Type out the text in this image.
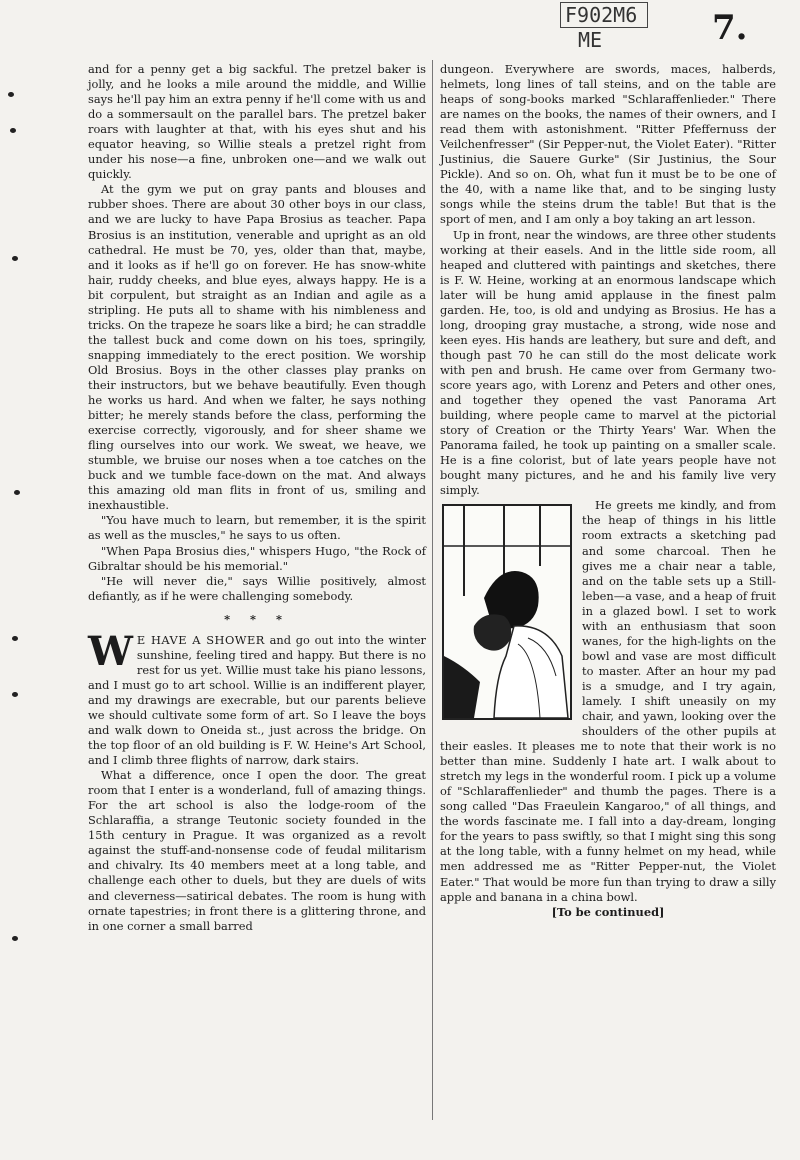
F902M6
ME	7.

and for a penny get a big sackful. The pretzel baker is jolly, and he looks a mile around the middle, and Willie says he'll pay him an extra penny if he'll come with us and do a sommersault on the parallel bars. The pretzel baker roars with laughter at that, with his eyes shut and his equator heaving, so Willie steals a pretzel right from under his nose—a fine, unbroken one—and we walk out quickly.

At the gym we put on gray pants and blouses and rubber shoes. There are about 30 other boys in our class, and we are lucky to have Papa Brosius as teacher. Papa Brosius is an institution, venerable and upright as an old cathedral. He must be 70, yes, older than that, maybe, and it looks as if he'll go on forever. He has snow-white hair, ruddy cheeks, and blue eyes, always happy. He is a bit corpulent, but straight as an Indian and agile as a stripling. He puts all to shame with his nimbleness and tricks. On the trapeze he soars like a bird; he can straddle the tallest buck and come down on his toes, springily, snapping immediately to the erect position. We worship Old Brosius. Boys in the other classes play pranks on their instructors, but we behave beautifully. Even though he works us hard. And when we falter, he says nothing bitter; he merely stands before the class, performing the exercise correctly, vigorously, and for sheer shame we fling ourselves into our work. We sweat, we heave, we stumble, we bruise our noses when a toe catches on the buck and we tumble face-down on the mat. And always this amazing old man flits in front of us, smiling and inexhaustible.

"You have much to learn, but remember, it is the spirit as well as the muscles," he says to us often.

"When Papa Brosius dies," whispers Hugo, "the Rock of Gibraltar should be his memorial."

"He will never die," says Willie positively, almost defiantly, as if he were challenging somebody.

* * *

W E HAVE A SHOWER and go out into the winter sunshine, feeling tired and happy. But there is no rest for us yet. Willie must take his piano lessons, and I must go to art school. Willie is an indifferent player, and my drawings are execrable, but our parents believe we should cultivate some form of art. So I leave the boys and walk down to Oneida st., just across the bridge. On the top floor of an old building is F. W. Heine's Art School, and I climb three flights of narrow, dark stairs.

What a difference, once I open the door. The great room that I enter is a wonderland, full of amazing things. For the art school is also the lodge-room of the Schlaraffia, a strange Teutonic society founded in the 15th century in Prague. It was organized as a revolt against the stuff-and-nonsense code of feudal militarism and chivalry. Its 40 members meet at a long table, and challenge each other to duels, but they are duels of wits and cleverness—satirical debates. The room is hung with ornate tapestries; in front there is a glittering throne, and in one corner a small barred

dungeon. Everywhere are swords, maces, halberds, helmets, long lines of tall steins, and on the table are heaps of song-books marked "Schlaraffenlieder." There are names on the books, the names of their owners, and I read them with astonishment. "Ritter Pfeffernuss der Veilchenfresser" (Sir Pepper-nut, the Violet Eater). "Ritter Justinius, die Sauere Gurke" (Sir Justinius, the Sour Pickle). And so on. Oh, what fun it must be to be one of the 40, with a name like that, and to be singing lusty songs while the steins drum the table! But that is the sport of men, and I am only a boy taking an art lesson.

Up in front, near the windows, are three other students working at their easels. And in the little side room, all heaped and cluttered with paintings and sketches, there is F. W. Heine, working at an enormous landscape which later will be hung amid applause in the finest palm garden. He, too, is old and undying as Brosius. He has a long, drooping gray mustache, a strong, wide nose and keen eyes. His hands are leathery, but sure and deft, and though past 70 he can still do the most delicate work with pen and brush. He came over from Germany two-score years ago, with Lorenz and Peters and other ones, and together they opened the vast Panorama Art building, where people came to marvel at the pictorial story of Creation or the Thirty Years' War. When the Panorama failed, he took up painting on a smaller scale. He is a fine colorist, but of late years people have not bought many pictures, and he and his family live very simply.

He greets me kindly, and from the heap of things in his little room extracts a sketching pad and some charcoal. Then he gives me a chair near a table, and on the table sets up a Still-leben—a vase, and a heap of fruit in a glazed bowl. I set to work with an enthusiasm that soon wanes, for the high-lights on the bowl and vase are most difficult to master. After an hour my pad is a smudge, and I try again, lamely. I shift uneasily on my chair, and yawn, looking over the shoulders of the other pupils at their easles. It pleases me to note that their work is no better than mine. Suddenly I hate art. I walk about to stretch my legs in the wonderful room. I pick up a volume of "Schlaraffenlieder" and thumb the pages. There is a song called "Das Fraeulein Kangaroo," of all things, and the words fascinate me. I fall into a day-dream, longing for the years to pass swiftly, so that I might sing this song at the long table, with a funny helmet on my head, while men addressed me as "Ritter Pepper-nut, the Violet Eater." That would be more fun than trying to draw a silly apple and banana in a china bowl.

[To be continued]
